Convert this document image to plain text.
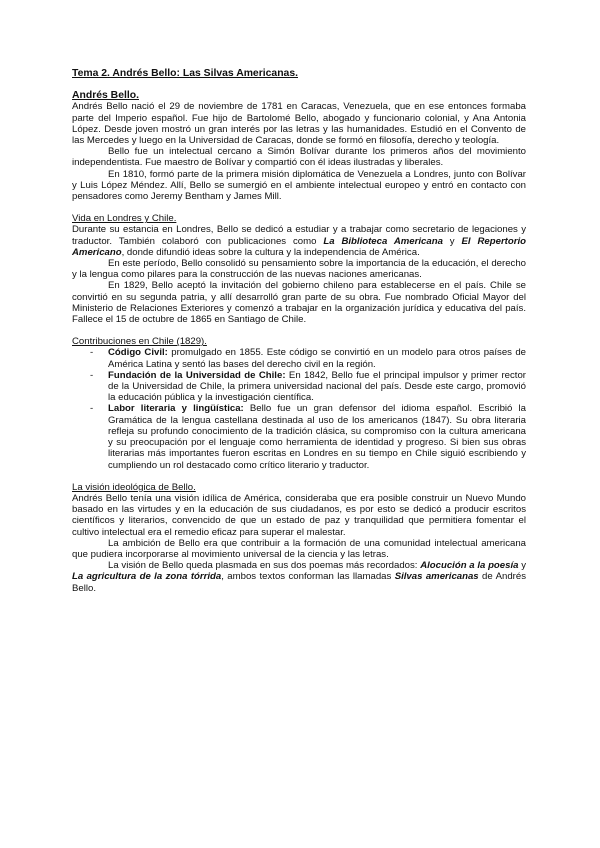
Tema 2. Andrés Bello: Las Silvas Americanas.
Andrés Bello.

Andrés Bello nació el 29 de noviembre de 1781 en Caracas, Venezuela, que en ese entonces formaba parte del Imperio español. Fue hijo de Bartolomé Bello, abogado y funcionario colonial, y Ana Antonia López. Desde joven mostró un gran interés por las letras y las humanidades. Estudió en el Convento de las Mercedes y luego en la Universidad de Caracas, donde se formó en filosofía, derecho y teología.

Bello fue un intelectual cercano a Simón Bolívar durante los primeros años del movimiento independentista. Fue maestro de Bolívar y compartió con él ideas ilustradas y liberales.

En 1810, formó parte de la primera misión diplomática de Venezuela a Londres, junto con Bolívar y Luis López Méndez. Allí, Bello se sumergió en el ambiente intelectual europeo y entró en contacto con pensadores como Jeremy Bentham y James Mill.

Vida en Londres y Chile.

Durante su estancia en Londres, Bello se dedicó a estudiar y a trabajar como secretario de legaciones y traductor. También colaboró con publicaciones como La Biblioteca Americana y El Repertorio Americano, donde difundió ideas sobre la cultura y la independencia de América.

En este período, Bello consolidó su pensamiento sobre la importancia de la educación, el derecho y la lengua como pilares para la construcción de las nuevas naciones americanas.

En 1829, Bello aceptó la invitación del gobierno chileno para establecerse en el país. Chile se convirtió en su segunda patria, y allí desarrolló gran parte de su obra. Fue nombrado Oficial Mayor del Ministerio de Relaciones Exteriores y comenzó a trabajar en la organización jurídica y educativa del país. Fallece el 15 de octubre de 1865 en Santiago de Chile.

Contribuciones en Chile (1829).
- Código Civil: promulgado en 1855. Este código se convirtió en un modelo para otros países de América Latina y sentó las bases del derecho civil en la región.
- Fundación de la Universidad de Chile: En 1842, Bello fue el principal impulsor y primer rector de la Universidad de Chile, la primera universidad nacional del país. Desde este cargo, promovió la educación pública y la investigación científica.
- Labor literaria y lingüística: Bello fue un gran defensor del idioma español. Escribió la Gramática de la lengua castellana destinada al uso de los americanos (1847). Su obra literaria refleja su profundo conocimiento de la tradición clásica, su compromiso con la cultura americana y su preocupación por el lenguaje como herramienta de identidad y progreso. Si bien sus obras literarias más importantes fueron escritas en Londres en su tiempo en Chile siguió escribiendo y cumpliendo un rol destacado como crítico literario y traductor.
La visión ideológica de Bello.

Andrés Bello tenía una visión idílica de América, consideraba que era posible construir un Nuevo Mundo basado en las virtudes y en la educación de sus ciudadanos, es por esto se dedicó a producir escritos científicos y literarios, convencido de que un estado de paz y tranquilidad que permitiera fomentar el cultivo intelectual era el remedio eficaz para superar el malestar.

La ambición de Bello era que contribuir a la formación de una comunidad intelectual americana que pudiera incorporarse al movimiento universal de la ciencia y las letras.

La visión de Bello queda plasmada en sus dos poemas más recordados: Alocución a la poesía y La agricultura de la zona tórrida, ambos textos conforman las llamadas Silvas americanas de Andrés Bello.
